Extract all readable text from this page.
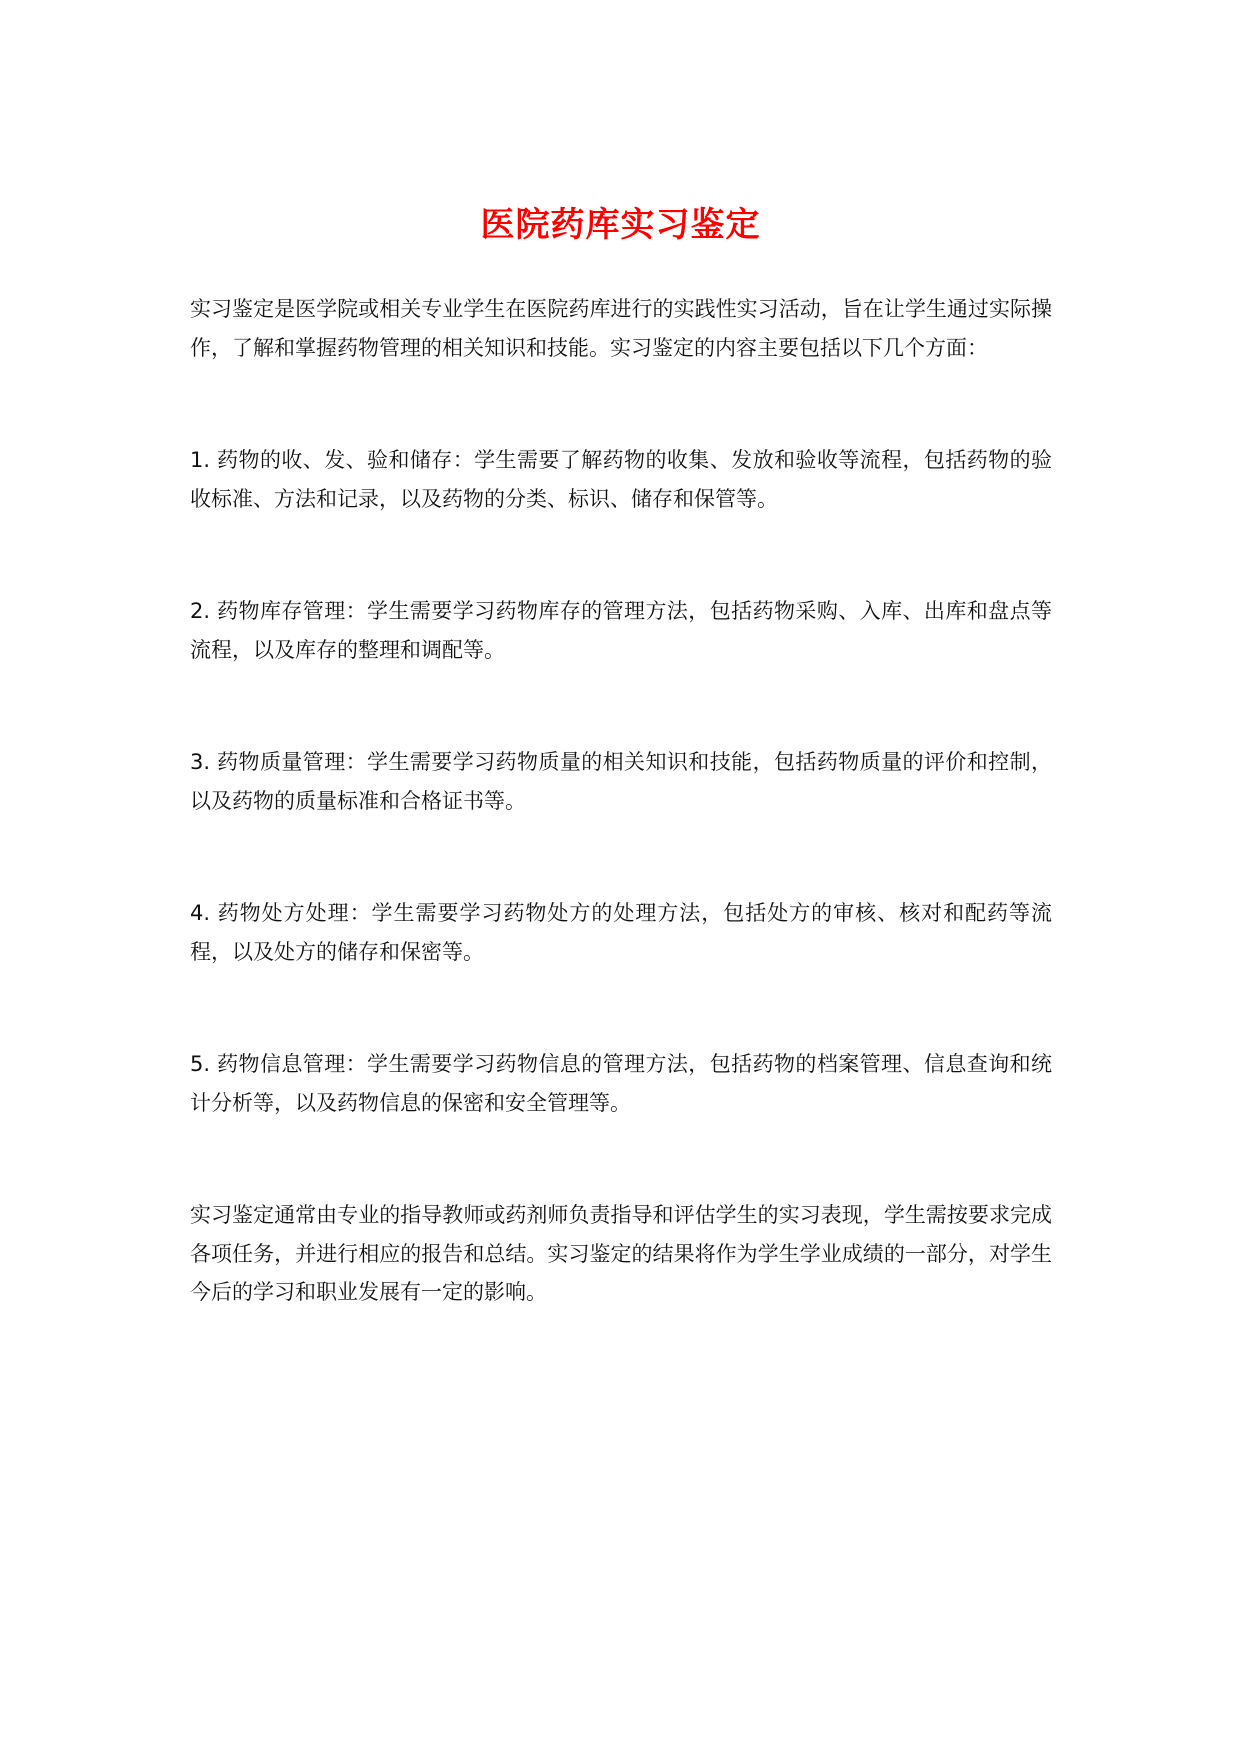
医院药库实习鉴定

实习鉴定是医学院或相关专业学生在医院药库进行的实践性实习活动，旨在让学生通过实际操作，了解和掌握药物管理的相关知识和技能。实习鉴定的内容主要包括以下几个方面：

1. 药物的收、发、验和储存：学生需要了解药物的收集、发放和验收等流程，包括药物的验收标准、方法和记录，以及药物的分类、标识、储存和保管等。

2. 药物库存管理：学生需要学习药物库存的管理方法，包括药物采购、入库、出库和盘点等流程，以及库存的整理和调配等。

3. 药物质量管理：学生需要学习药物质量的相关知识和技能，包括药物质量的评价和控制，以及药物的质量标准和合格证书等。

4. 药物处方处理：学生需要学习药物处方的处理方法，包括处方的审核、核对和配药等流程，以及处方的储存和保密等。

5. 药物信息管理：学生需要学习药物信息的管理方法，包括药物的档案管理、信息查询和统计分析等，以及药物信息的保密和安全管理等。

实习鉴定通常由专业的指导教师或药剂师负责指导和评估学生的实习表现，学生需按要求完成各项任务，并进行相应的报告和总结。实习鉴定的结果将作为学生学业成绩的一部分，对学生今后的学习和职业发展有一定的影响。
